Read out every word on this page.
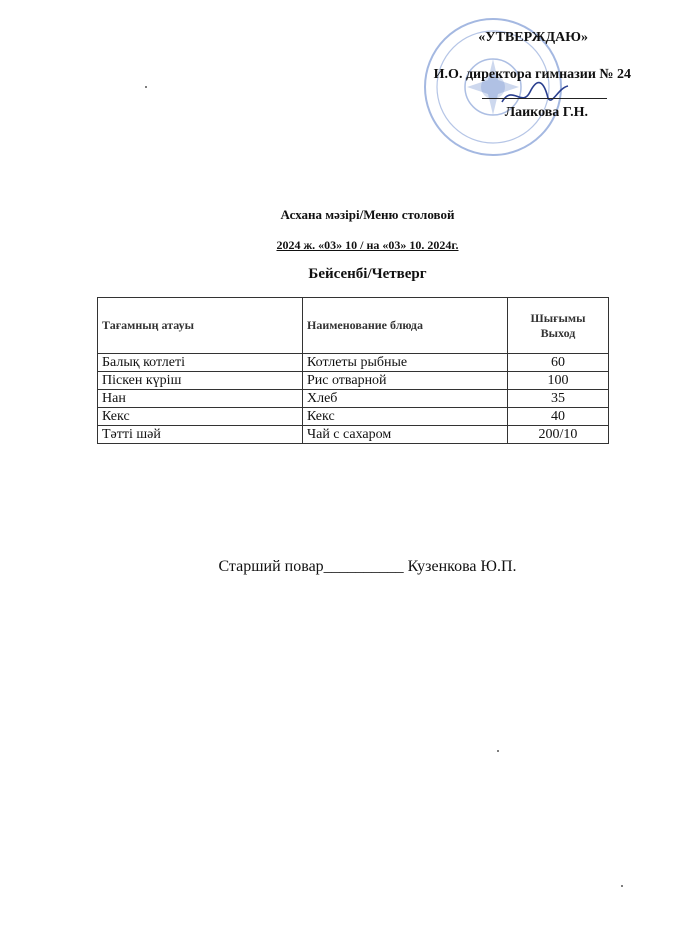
«УТВЕРЖДАЮ»
И.О. директора гимназии № 24
Лаикова Г.Н.
Асхана мәзірі/Меню столовой
2024 ж. «03» 10 / на «03» 10. 2024г.
Бейсенбі/Четверг
Тағамның атауы	Наименование блюда	Шығымы Выход
Балық котлеті	Котлеты рыбные	60
Піскен күріш	Рис отварной	100
Нан	Хлеб	35
Кекс	Кекс	40
Тәтті шәй	Чай с сахаром	200/10
Старший повар__________ Кузенкова Ю.П.
